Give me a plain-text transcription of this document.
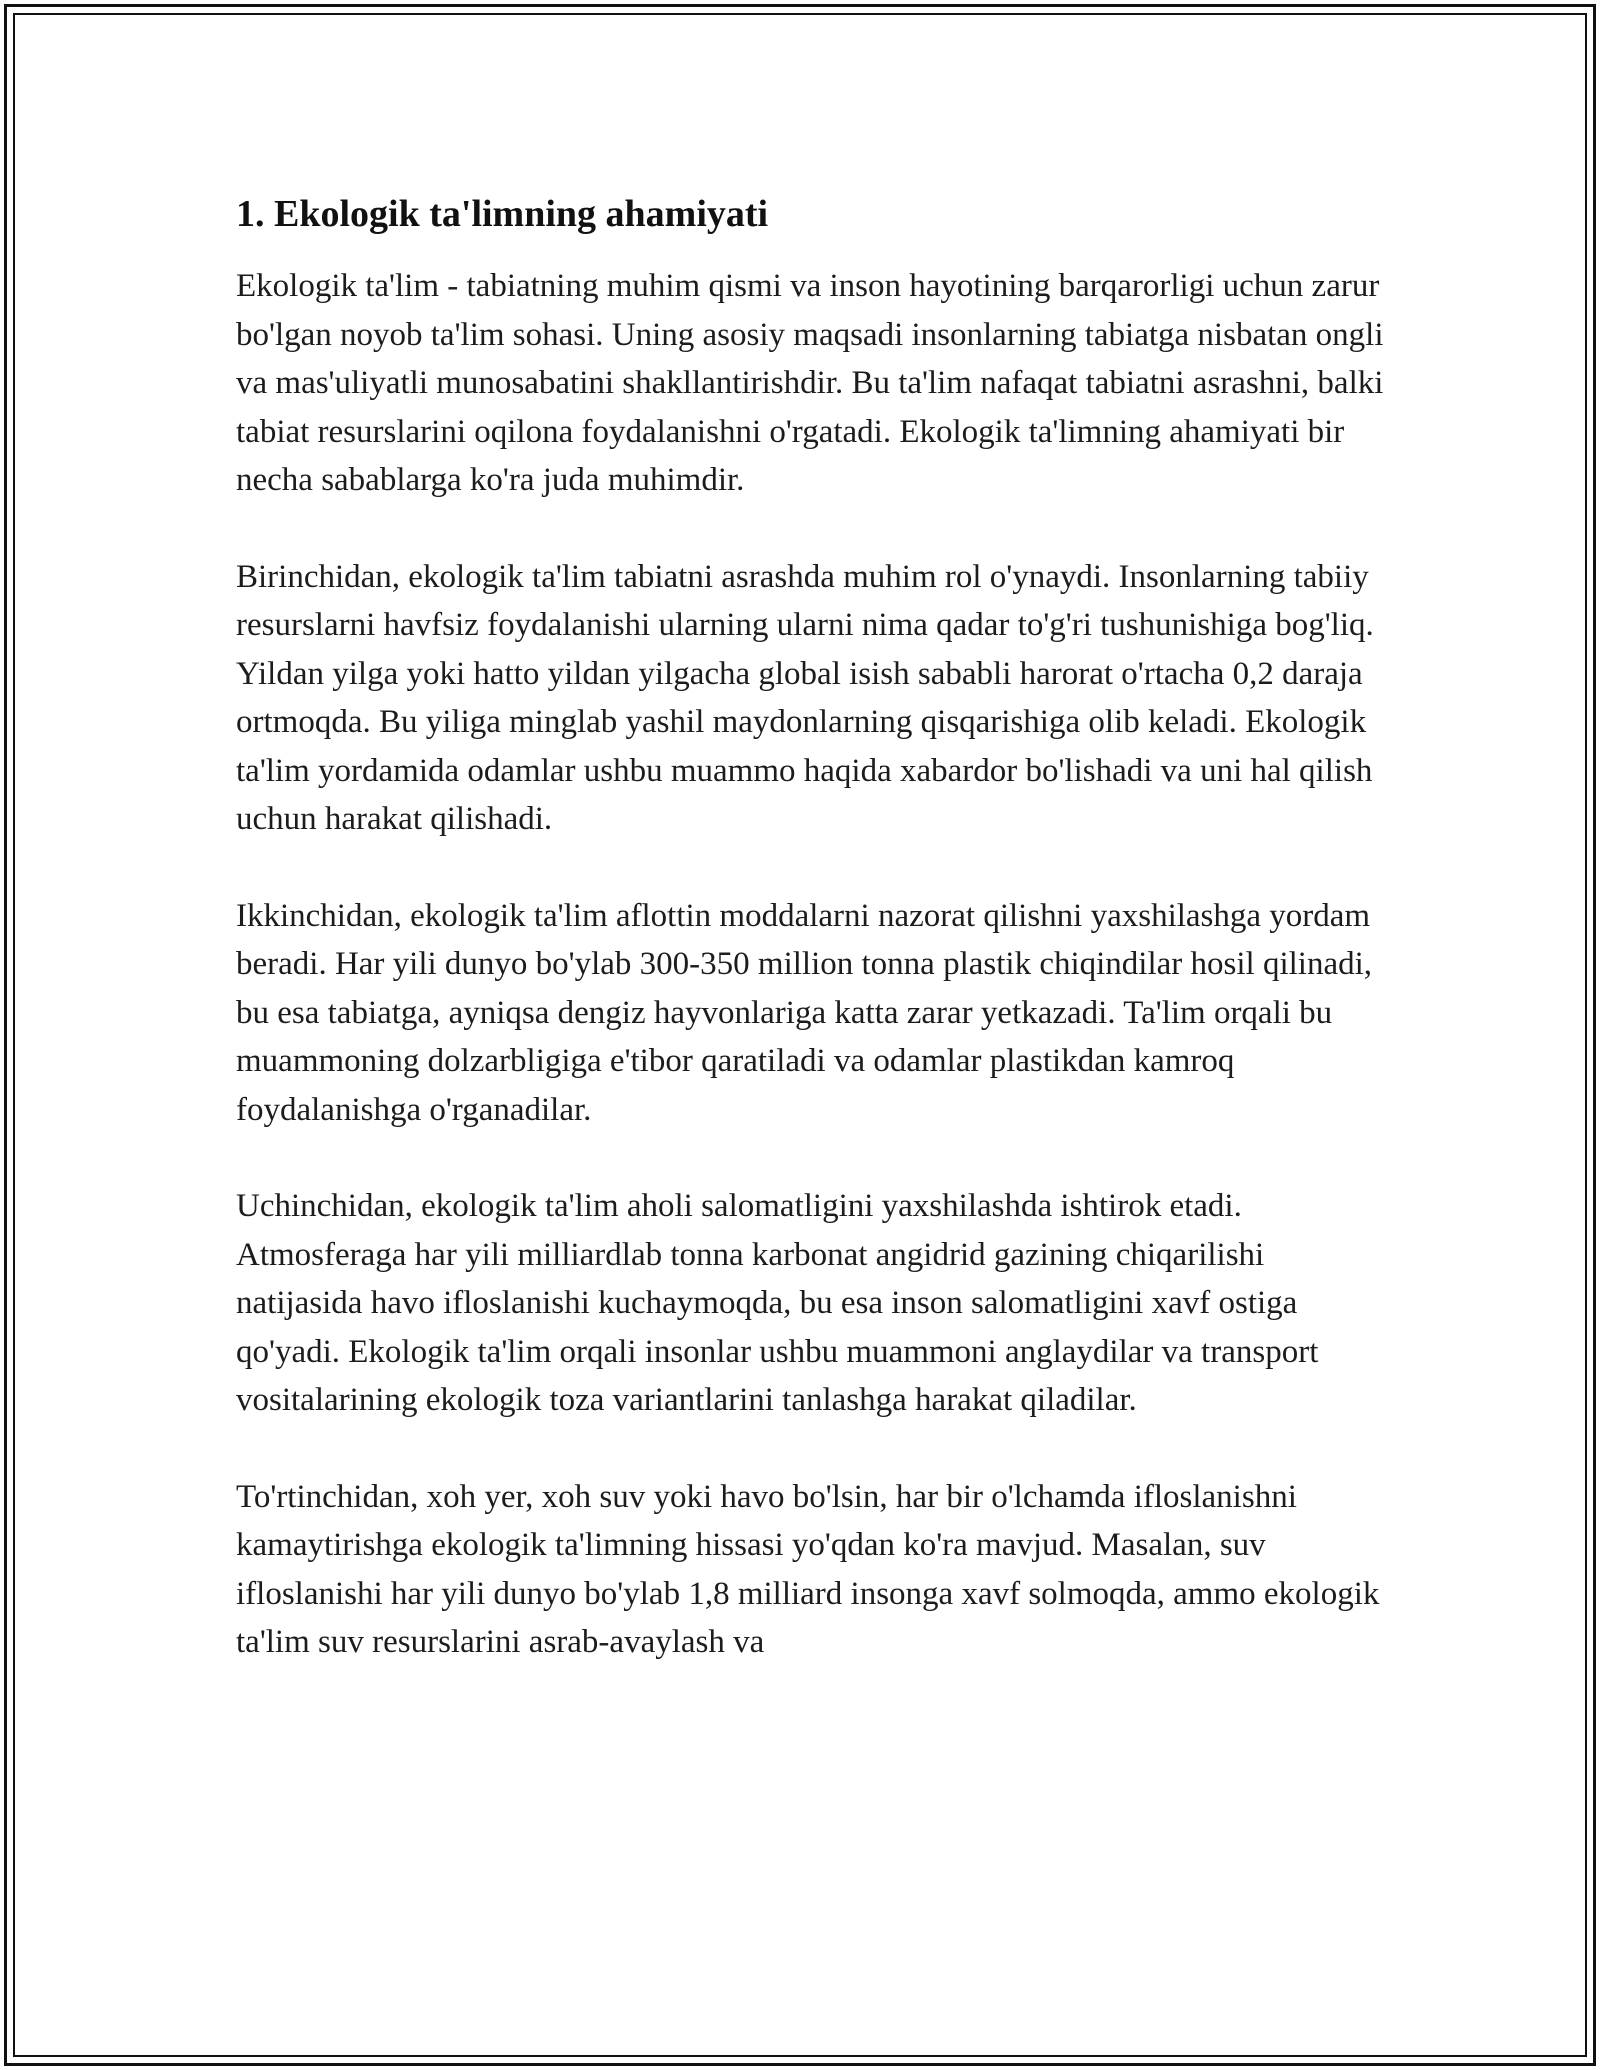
1. Ekologik ta'limning ahamiyati

Ekologik ta'lim - tabiatning muhim qismi va inson hayotining barqarorligi uchun zarur bo'lgan noyob ta'lim sohasi. Uning asosiy maqsadi insonlarning tabiatga nisbatan ongli va mas'uliyatli munosabatini shakllantirishdir. Bu ta'lim nafaqat tabiatni asrashni, balki tabiat resurslarini oqilona foydalanishni o'rgatadi. Ekologik ta'limning ahamiyati bir necha sabablarga ko'ra juda muhimdir.

Birinchidan, ekologik ta'lim tabiatni asrashda muhim rol o'ynaydi. Insonlarning tabiiy resurslarni havfsiz foydalanishi ularning ularni nima qadar to'g'ri tushunishiga bog'liq. Yildan yilga yoki hatto yildan yilgacha global isish sababli harorat o'rtacha 0,2 daraja ortmoqda. Bu yiliga minglab yashil maydonlarning qisqarishiga olib keladi. Ekologik ta'lim yordamida odamlar ushbu muammo haqida xabardor bo'lishadi va uni hal qilish uchun harakat qilishadi.

Ikkinchidan, ekologik ta'lim aflottin moddalarni nazorat qilishni yaxshilashga yordam beradi. Har yili dunyo bo'ylab 300-350 million tonna plastik chiqindilar hosil qilinadi, bu esa tabiatga, ayniqsa dengiz hayvonlariga katta zarar yetkazadi. Ta'lim orqali bu muammoning dolzarbligiga e'tibor qaratiladi va odamlar plastikdan kamroq foydalanishga o'rganadilar.

Uchinchidan, ekologik ta'lim aholi salomatligini yaxshilashda ishtirok etadi. Atmosferaga har yili milliardlab tonna karbonat angidrid gazining chiqarilishi natijasida havo ifloslanishi kuchaymoqda, bu esa inson salomatligini xavf ostiga qo'yadi. Ekologik ta'lim orqali insonlar ushbu muammoni anglaydilar va transport vositalarining ekologik toza variantlarini tanlashga harakat qiladilar.

To'rtinchidan, xoh yer, xoh suv yoki havo bo'lsin, har bir o'lchamda ifloslanishni kamaytirishga ekologik ta'limning hissasi yo'qdan ko'ra mavjud. Masalan, suv ifloslanishi har yili dunyo bo'ylab 1,8 milliard insonga xavf solmoqda, ammo ekologik ta'lim suv resurslarini asrab-avaylash va
